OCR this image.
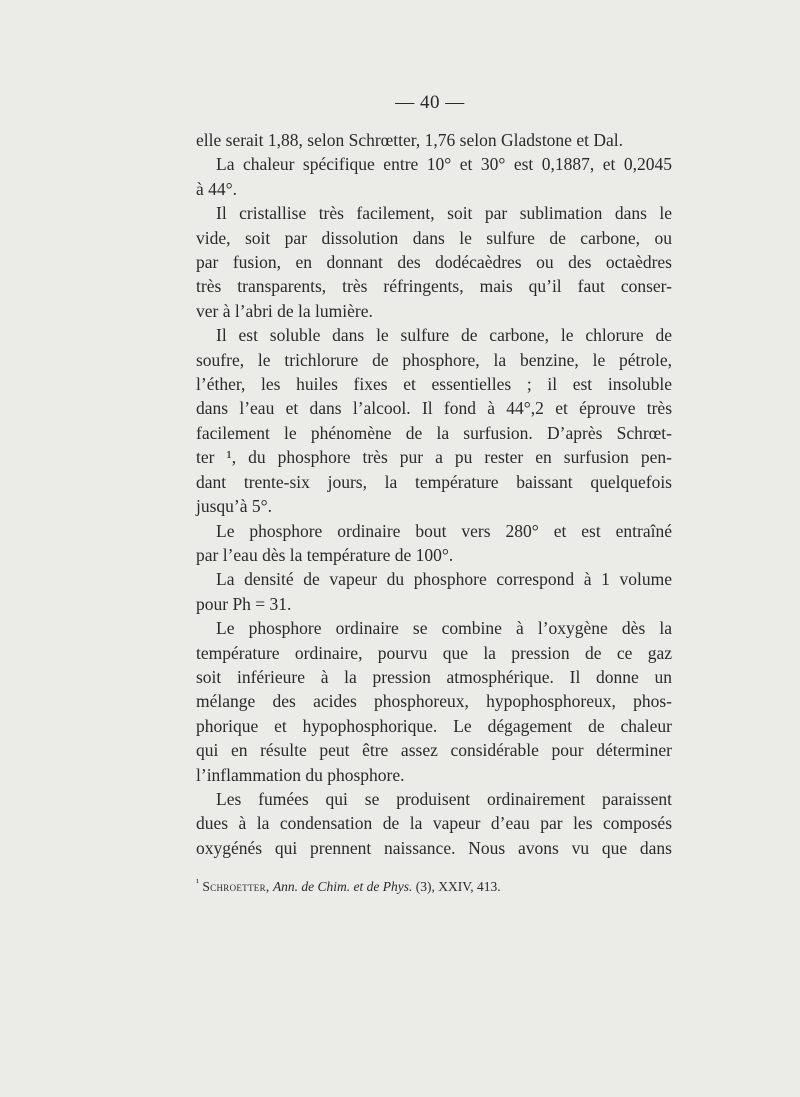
— 40 —

elle serait 1,88, selon Schrœtter, 1,76 selon Gladstone et Dal.

La chaleur spécifique entre 10° et 30° est 0,1887, et 0,2045
à 44°.

Il cristallise très facilement, soit par sublimation dans le
vide, soit par dissolution dans le sulfure de carbone, ou
par fusion, en donnant des dodécaèdres ou des octaèdres
très transparents, très réfringents, mais qu’il faut conser-
ver à l’abri de la lumière.

Il est soluble dans le sulfure de carbone, le chlorure de
soufre, le trichlorure de phosphore, la benzine, le pétrole,
l’éther, les huiles fixes et essentielles ; il est insoluble
dans l’eau et dans l’alcool. Il fond à 44°,2 et éprouve très
facilement le phénomène de la surfusion. D’après Schrœt-
ter ¹, du phosphore très pur a pu rester en surfusion pen-
dant trente-six jours, la température baissant quelquefois
jusqu’à 5°.

Le phosphore ordinaire bout vers 280° et est entraîné
par l’eau dès la température de 100°.

La densité de vapeur du phosphore correspond à 1 volume
pour Ph = 31.

Le phosphore ordinaire se combine à l’oxygène dès la
température ordinaire, pourvu que la pression de ce gaz
soit inférieure à la pression atmosphérique. Il donne un
mélange des acides phosphoreux, hypophosphoreux, phos-
phorique et hypophosphorique. Le dégagement de chaleur
qui en résulte peut être assez considérable pour déterminer
l’inflammation du phosphore.

Les fumées qui se produisent ordinairement paraissent
dues à la condensation de la vapeur d’eau par les composés
oxygénés qui prennent naissance. Nous avons vu que dans

$^{^1}$ Schroetter, Ann. de Chim. et de Phys. (3), XXIV, 413.
